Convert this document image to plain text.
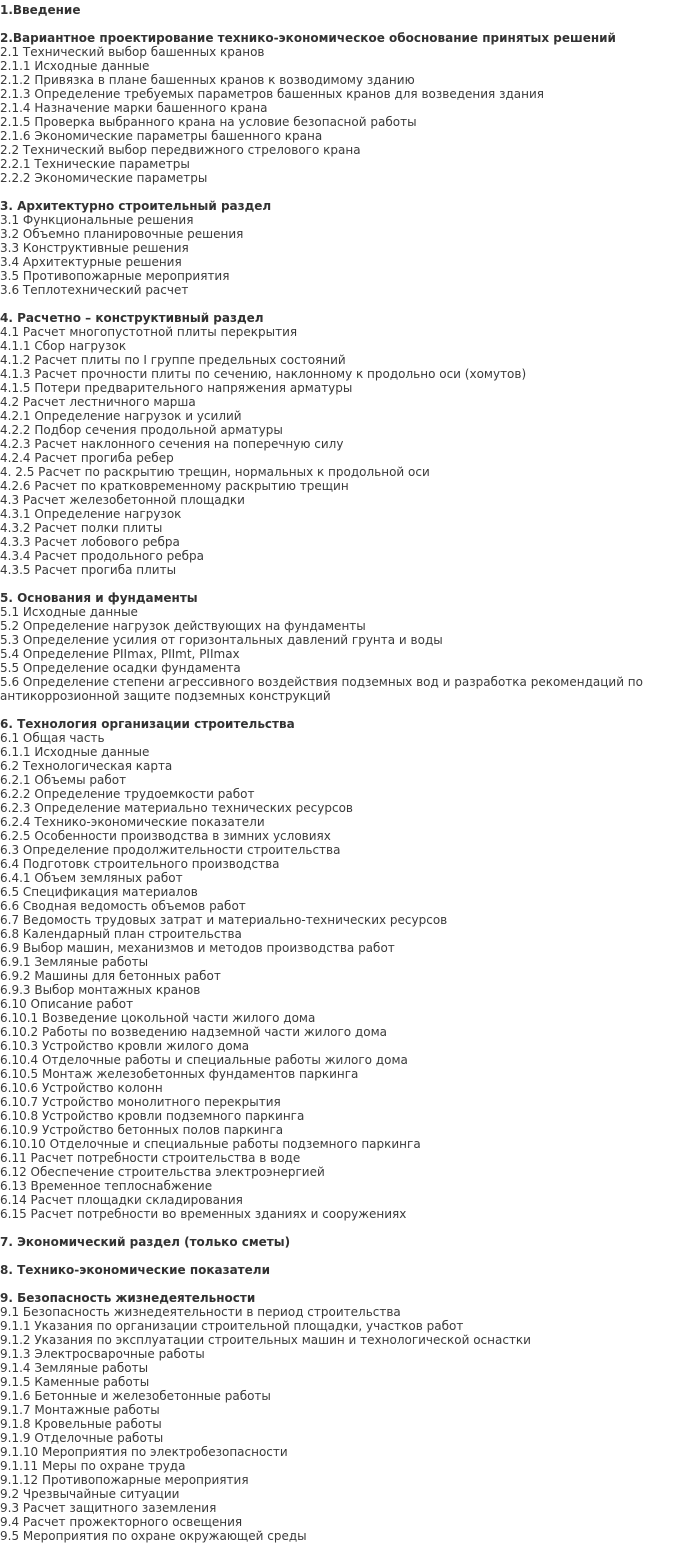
1.Введение
2.Вариантное проектирование технико-экономическое обоснование принятых решений
2.1 Технический выбор башенных кранов
2.1.1 Исходные данные
2.1.2 Привязка в плане башенных кранов к возводимому зданию
2.1.3 Определение требуемых параметров башенных кранов для возведения здания
2.1.4 Назначение марки башенного крана
2.1.5 Проверка выбранного крана на условие безопасной работы
2.1.6 Экономические параметры башенного крана
2.2 Технический выбор передвижного стрелового крана
2.2.1 Технические параметры
2.2.2 Экономические параметры
3. Архитектурно строительный раздел
3.1 Функциональные решения
3.2 Объемно планировочные решения
3.3 Конструктивные решения
3.4 Архитектурные решения
3.5 Противопожарные мероприятия
3.6 Теплотехнический расчет
4. Расчетно – конструктивный раздел
4.1 Расчет многопустотной плиты перекрытия
4.1.1 Сбор нагрузок
4.1.2 Расчет плиты по I группе предельных состояний
4.1.3 Расчет прочности плиты по сечению, наклонному к продольно оси (хомутов)
4.1.5 Потери предварительного напряжения арматуры
4.2 Расчет лестничного марша
4.2.1 Определение нагрузок и усилий
4.2.2 Подбор сечения продольной арматуры
4.2.3 Расчет наклонного сечения на поперечную силу
4.2.4 Расчет прогиба ребер
4. 2.5 Расчет по раскрытию трещин, нормальных к продольной оси
4.2.6 Расчет по кратковременному раскрытию трещин
4.3 Расчет железобетонной площадки
4.3.1 Определение нагрузок
4.3.2 Расчет полки плиты
4.3.3 Расчет лобового ребра
4.3.4 Расчет продольного ребра
4.3.5 Расчет прогиба плиты
5. Основания и фундаменты
5.1 Исходные данные
5.2 Определение нагрузок действующих на фундаменты
5.3 Определение усилия от горизонтальных давлений грунта и воды
5.4 Определение PIImax, PIImt, PIImax
5.5 Определение осадки фундамента
5.6 Определение степени агрессивного воздействия подземных вод и разработка рекомендаций по антикоррозионной защите подземных конструкций
6. Технология организации строительства
6.1 Общая часть
6.1.1 Исходные данные
6.2 Технологическая карта
6.2.1 Объемы работ
6.2.2 Определение трудоемкости работ
6.2.3 Определение материально технических ресурсов
6.2.4 Технико-экономические показатели
6.2.5 Особенности производства в зимних условиях
6.3 Определение продолжительности строительства
6.4 Подготовк строительного производства
6.4.1 Объем земляных работ
6.5 Спецификация материалов
6.6 Сводная ведомость объемов работ
6.7 Ведомость трудовых затрат и материально-технических ресурсов
6.8 Календарный план строительства
6.9 Выбор машин, механизмов и методов производства работ
6.9.1 Земляные работы
6.9.2 Машины для бетонных работ
6.9.3 Выбор монтажных кранов
6.10 Описание работ
6.10.1 Возведение цокольной части жилого дома
6.10.2 Работы по возведению надземной части жилого дома
6.10.3 Устройство кровли жилого дома
6.10.4 Отделочные работы и специальные работы жилого дома
6.10.5 Монтаж железобетонных фундаментов паркинга
6.10.6 Устройство колонн
6.10.7 Устройство монолитного перекрытия
6.10.8 Устройство кровли подземного паркинга
6.10.9 Устройство бетонных полов паркинга
6.10.10 Отделочные и специальные работы подземного паркинга
6.11 Расчет потребности строительства в воде
6.12 Обеспечение строительства электроэнергией
6.13 Временное теплоснабжение
6.14 Расчет площадки складирования
6.15 Расчет потребности во временных зданиях и сооружениях
7. Экономический раздел (только сметы)
8. Технико-экономические показатели
9. Безопасность жизнедеятельности
9.1 Безопасность жизнедеятельности в период строительства
9.1.1 Указания по организации строительной площадки, участков работ
9.1.2 Указания по эксплуатации строительных машин и технологической оснастки
9.1.3 Электросварочные работы
9.1.4 Земляные работы
9.1.5 Каменные работы
9.1.6 Бетонные и железобетонные работы
9.1.7 Монтажные работы
9.1.8 Кровельные работы
9.1.9 Отделочные работы
9.1.10 Мероприятия по электробезопасности
9.1.11 Меры по охране труда
9.1.12 Противопожарные мероприятия
9.2 Чрезвычайные ситуации
9.3 Расчет защитного заземления
9.4 Расчет прожекторного освещения
9.5 Мероприятия по охране окружающей среды
